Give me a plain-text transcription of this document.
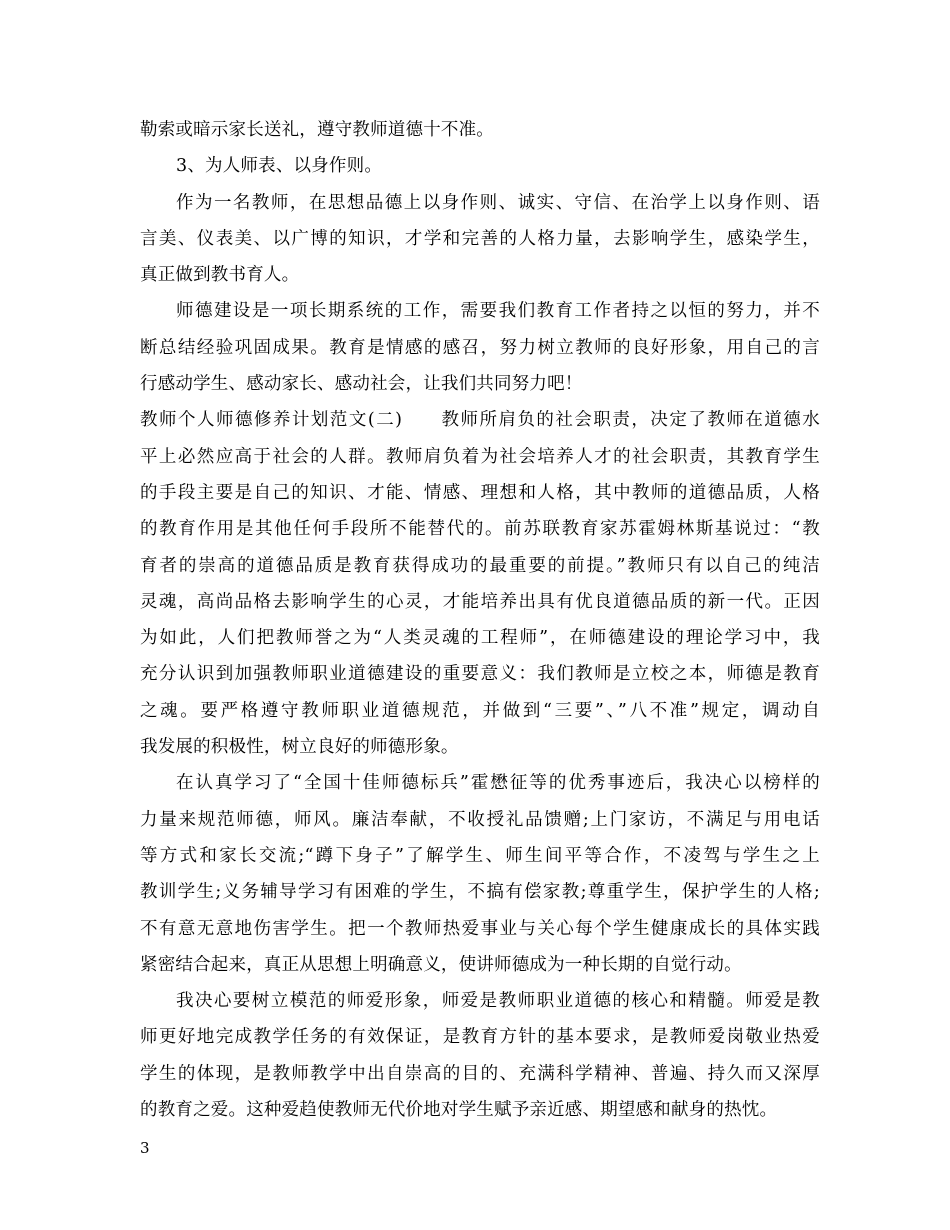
勒索或暗示家长送礼，遵守教师道德十不准。
3、为人师表、以身作则。
作为一名教师，在思想品德上以身作则、诚实、守信、在治学上以身作则、语
言美、仪表美、以广博的知识，才学和完善的人格力量，去影响学生，感染学生，
真正做到教书育人。
师德建设是一项长期系统的工作，需要我们教育工作者持之以恒的努力，并不
断总结经验巩固成果。教育是情感的感召，努力树立教师的良好形象，用自己的言
行感动学生、感动家长、感动社会，让我们共同努力吧！
教师个人师德修养计划范文(二)　　教师所肩负的社会职责，决定了教师在道德水
平上必然应高于社会的人群。教师肩负着为社会培养人才的社会职责，其教育学生
的手段主要是自己的知识、才能、情感、理想和人格，其中教师的道德品质，人格
的教育作用是其他任何手段所不能替代的。前苏联教育家苏霍姆林斯基说过：“教
育者的崇高的道德品质是教育获得成功的最重要的前提。”教师只有以自己的纯洁
灵魂，高尚品格去影响学生的心灵，才能培养出具有优良道德品质的新一代。正因
为如此，人们把教师誉之为“人类灵魂的工程师”，在师德建设的理论学习中，我
充分认识到加强教师职业道德建设的重要意义：我们教师是立校之本，师德是教育
之魂。要严格遵守教师职业道德规范，并做到“三要”、”八不准”规定，调动自
我发展的积极性，树立良好的师德形象。
在认真学习了“全国十佳师德标兵”霍懋征等的优秀事迹后，我决心以榜样的
力量来规范师德，师风。廉洁奉献，不收授礼品馈赠;上门家访，不满足与用电话
等方式和家长交流;“蹲下身子”了解学生、师生间平等合作，不凌驾与学生之上
教训学生;义务辅导学习有困难的学生，不搞有偿家教;尊重学生，保护学生的人格;
不有意无意地伤害学生。把一个教师热爱事业与关心每个学生健康成长的具体实践
紧密结合起来，真正从思想上明确意义，使讲师德成为一种长期的自觉行动。
我决心要树立模范的师爱形象，师爱是教师职业道德的核心和精髓。师爱是教
师更好地完成教学任务的有效保证，是教育方针的基本要求，是教师爱岗敬业热爱
学生的体现，是教师教学中出自崇高的目的、充满科学精神、普遍、持久而又深厚
的教育之爱。这种爱趋使教师无代价地对学生赋予亲近感、期望感和献身的热忱。
3
